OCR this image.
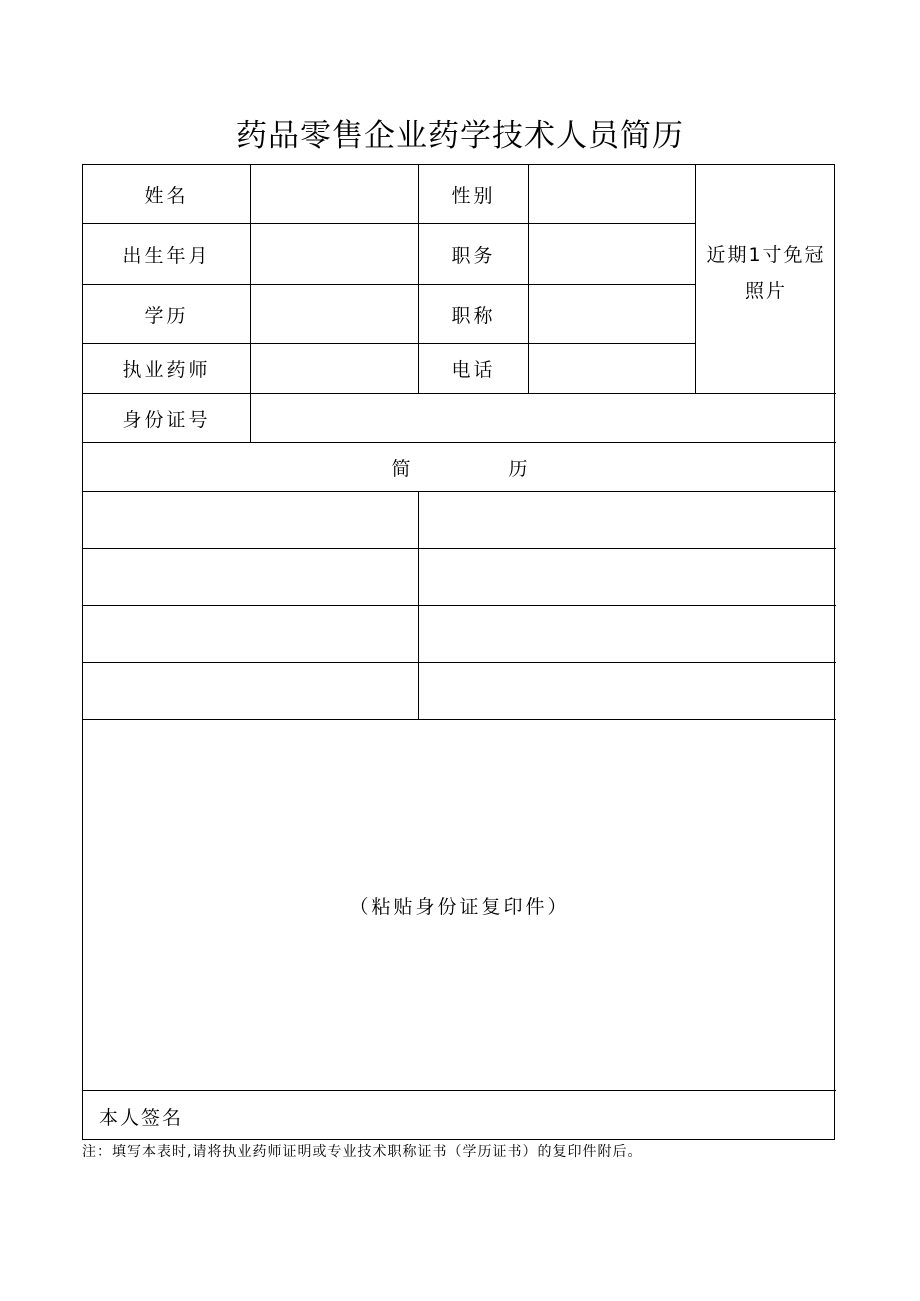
药品零售企业药学技术人员简历
姓名	性别
出生年月	职务
学历	职称
执业药师	电话
近期1寸免冠照片
身份证号
简	历
（粘贴身份证复印件）
本人签名
注：填写本表时,请将执业药师证明或专业技术职称证书（学历证书）的复印件附后。
